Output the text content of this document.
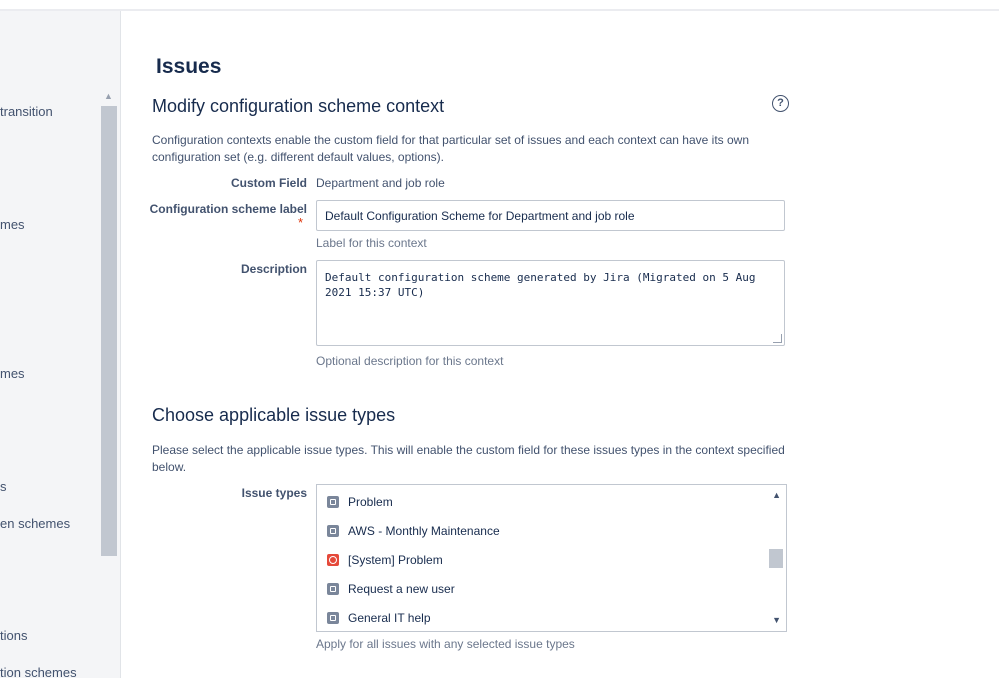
transition
mes
mes
s
en schemes
tions
tion schemes
▲
Issues
Modify configuration scheme context	?
Configuration contexts enable the custom field for that particular set of issues and each context can have its own configuration set (e.g. different default values, options).
Custom Field Department and job role
Configuration scheme label
*	Default Configuration Scheme for Department and job role
Label for this context
Description
Default configuration scheme generated by Jira (Migrated on 5 Aug 2021 15:37 UTC)
Optional description for this context
Choose applicable issue types
Please select the applicable issue types. This will enable the custom field for these issues types in the context specified below.
Issue types
Problem
AWS - Monthly Maintenance
[System] Problem
Request a new user
General IT help
▲
▼
Apply for all issues with any selected issue types
